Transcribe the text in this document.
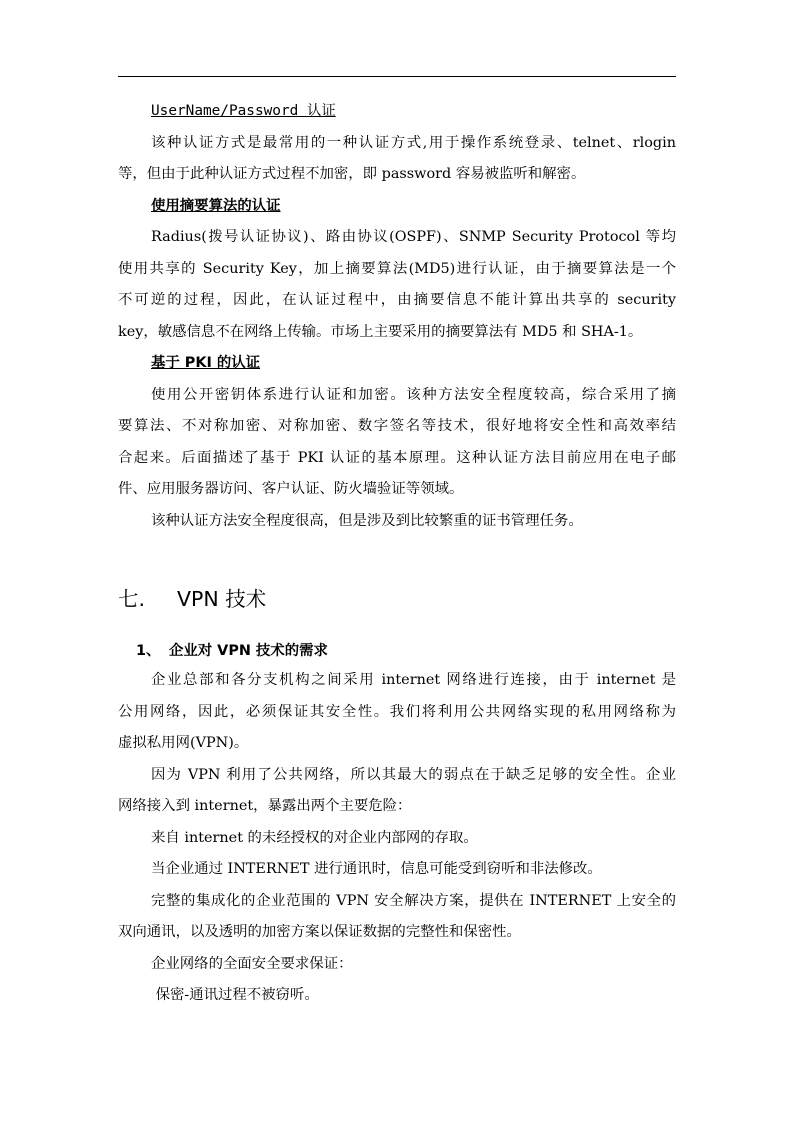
UserName/Password 认证
该种认证方式是最常用的一种认证方式,用于操作系统登录、telnet、rlogin
等，但由于此种认证方式过程不加密，即 password 容易被监听和解密。
使用摘要算法的认证
Radius(拨号认证协议)、路由协议(OSPF)、SNMP Security Protocol 等均
使用共享的 Security Key，加上摘要算法(MD5)进行认证，由于摘要算法是一个
不可逆的过程，因此，在认证过程中，由摘要信息不能计算出共享的 security
key，敏感信息不在网络上传输。市场上主要采用的摘要算法有 MD5 和 SHA-1。
基于 PKI 的认证
使用公开密钥体系进行认证和加密。该种方法安全程度较高，综合采用了摘
要算法、不对称加密、对称加密、数字签名等技术，很好地将安全性和高效率结
合起来。后面描述了基于 PKI 认证的基本原理。这种认证方法目前应用在电子邮
件、应用服务器访问、客户认证、防火墙验证等领域。
该种认证方法安全程度很高，但是涉及到比较繁重的证书管理任务。
七.	VPN 技术
1、 企业对 VPN 技术的需求
企业总部和各分支机构之间采用 internet 网络进行连接，由于 internet 是
公用网络，因此，必须保证其安全性。我们将利用公共网络实现的私用网络称为
虚拟私用网(VPN)。
因为 VPN 利用了公共网络，所以其最大的弱点在于缺乏足够的安全性。企业
网络接入到 internet，暴露出两个主要危险：
来自 internet 的未经授权的对企业内部网的存取。
当企业通过 INTERNET 进行通讯时，信息可能受到窃听和非法修改。
完整的集成化的企业范围的 VPN 安全解决方案，提供在 INTERNET 上安全的
双向通讯，以及透明的加密方案以保证数据的完整性和保密性。
企业网络的全面安全要求保证：
保密-通讯过程不被窃听。
